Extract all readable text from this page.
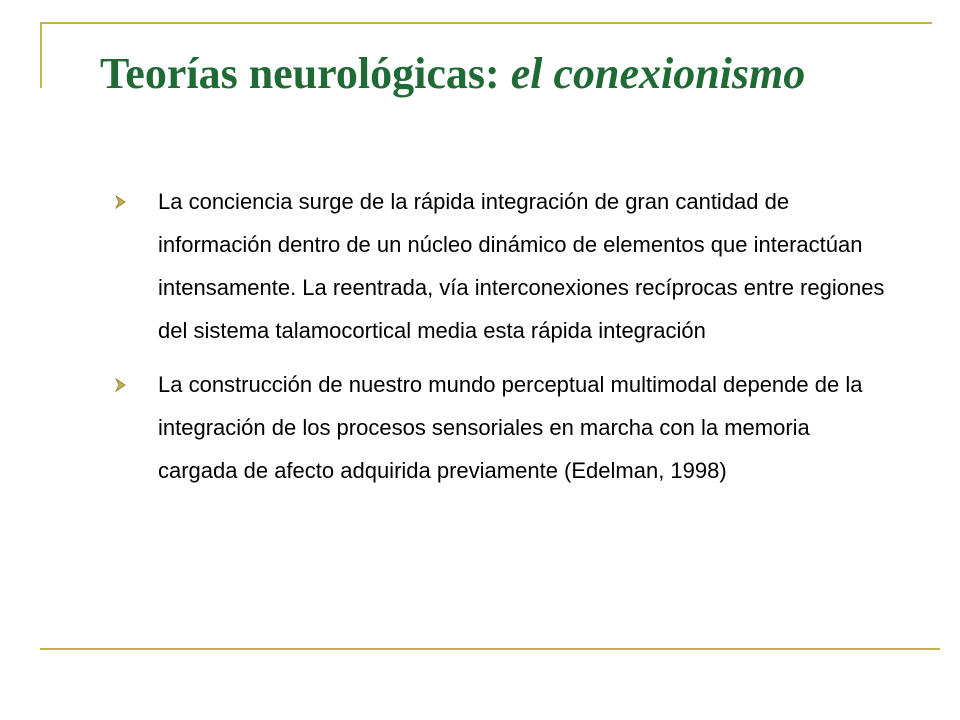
Teorías neurológicas: el conexionismo
La conciencia surge de la rápida integración de gran cantidad de información dentro de un núcleo dinámico de elementos que interactúan intensamente. La reentrada, vía interconexiones recíprocas entre regiones del sistema talamocortical media esta rápida integración
La construcción de nuestro mundo perceptual multimodal depende de la integración de los procesos sensoriales en marcha con la memoria cargada de afecto adquirida previamente (Edelman, 1998)
